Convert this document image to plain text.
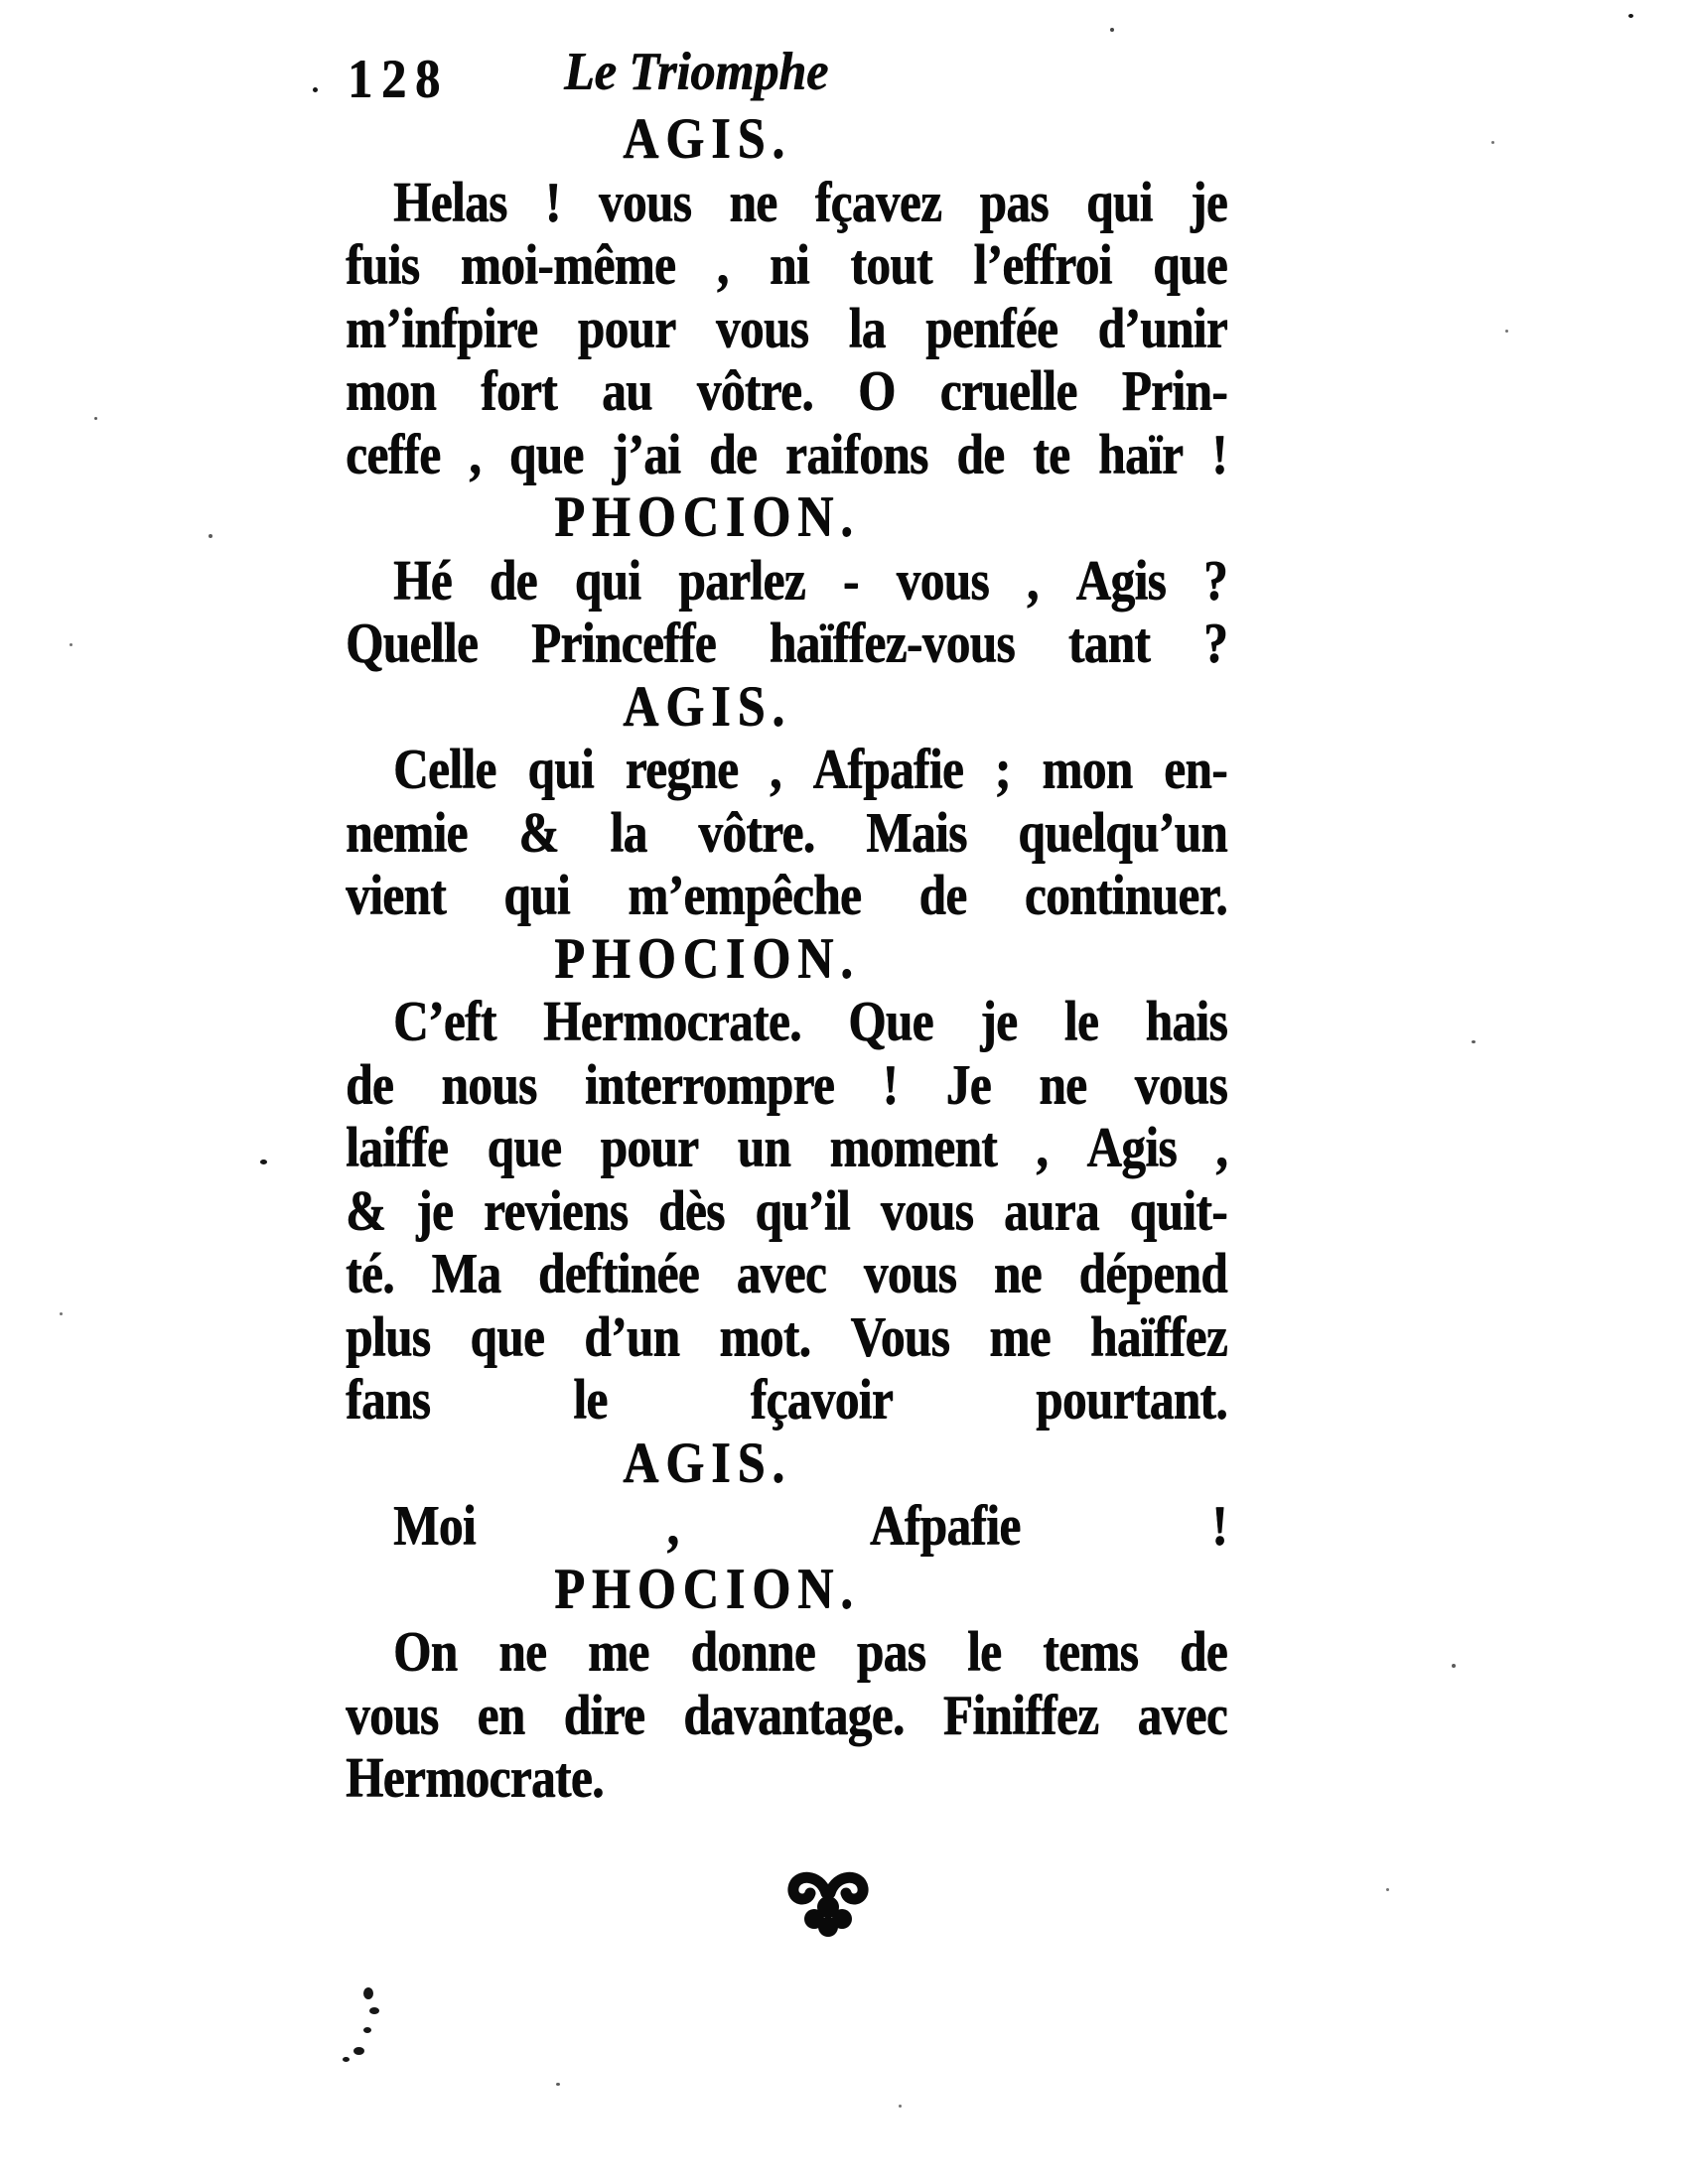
128 Le Triomphe
AGIS.
Helas ! vous ne fçavez pas qui je
fuis moi-même , ni tout l’effroi que
m’infpire pour vous la penfée d’unir
mon fort au vôtre. O cruelle Prin-
ceffe , que j’ai de raifons de te haïr !
PHOCION.
Hé de qui parlez - vous , Agis ?
Quelle Princeffe haïffez-vous tant ?
AGIS.
Celle qui regne , Afpafie ; mon en-
nemie & la vôtre. Mais quelqu’un
vient qui m’empêche de continuer.
PHOCION.
C’eft Hermocrate. Que je le hais
de nous interrompre ! Je ne vous
laiffe que pour un moment , Agis ,
& je reviens dès qu’il vous aura quit-
té. Ma deftinée avec vous ne dépend
plus que d’un mot. Vous me haïffez
fans	le	fçavoir	pourtant.
AGIS.
Moi	,	Afpafie	!
PHOCION.
On ne me donne pas le tems de
vous en dire davantage. Finiffez avec
Hermocrate.
